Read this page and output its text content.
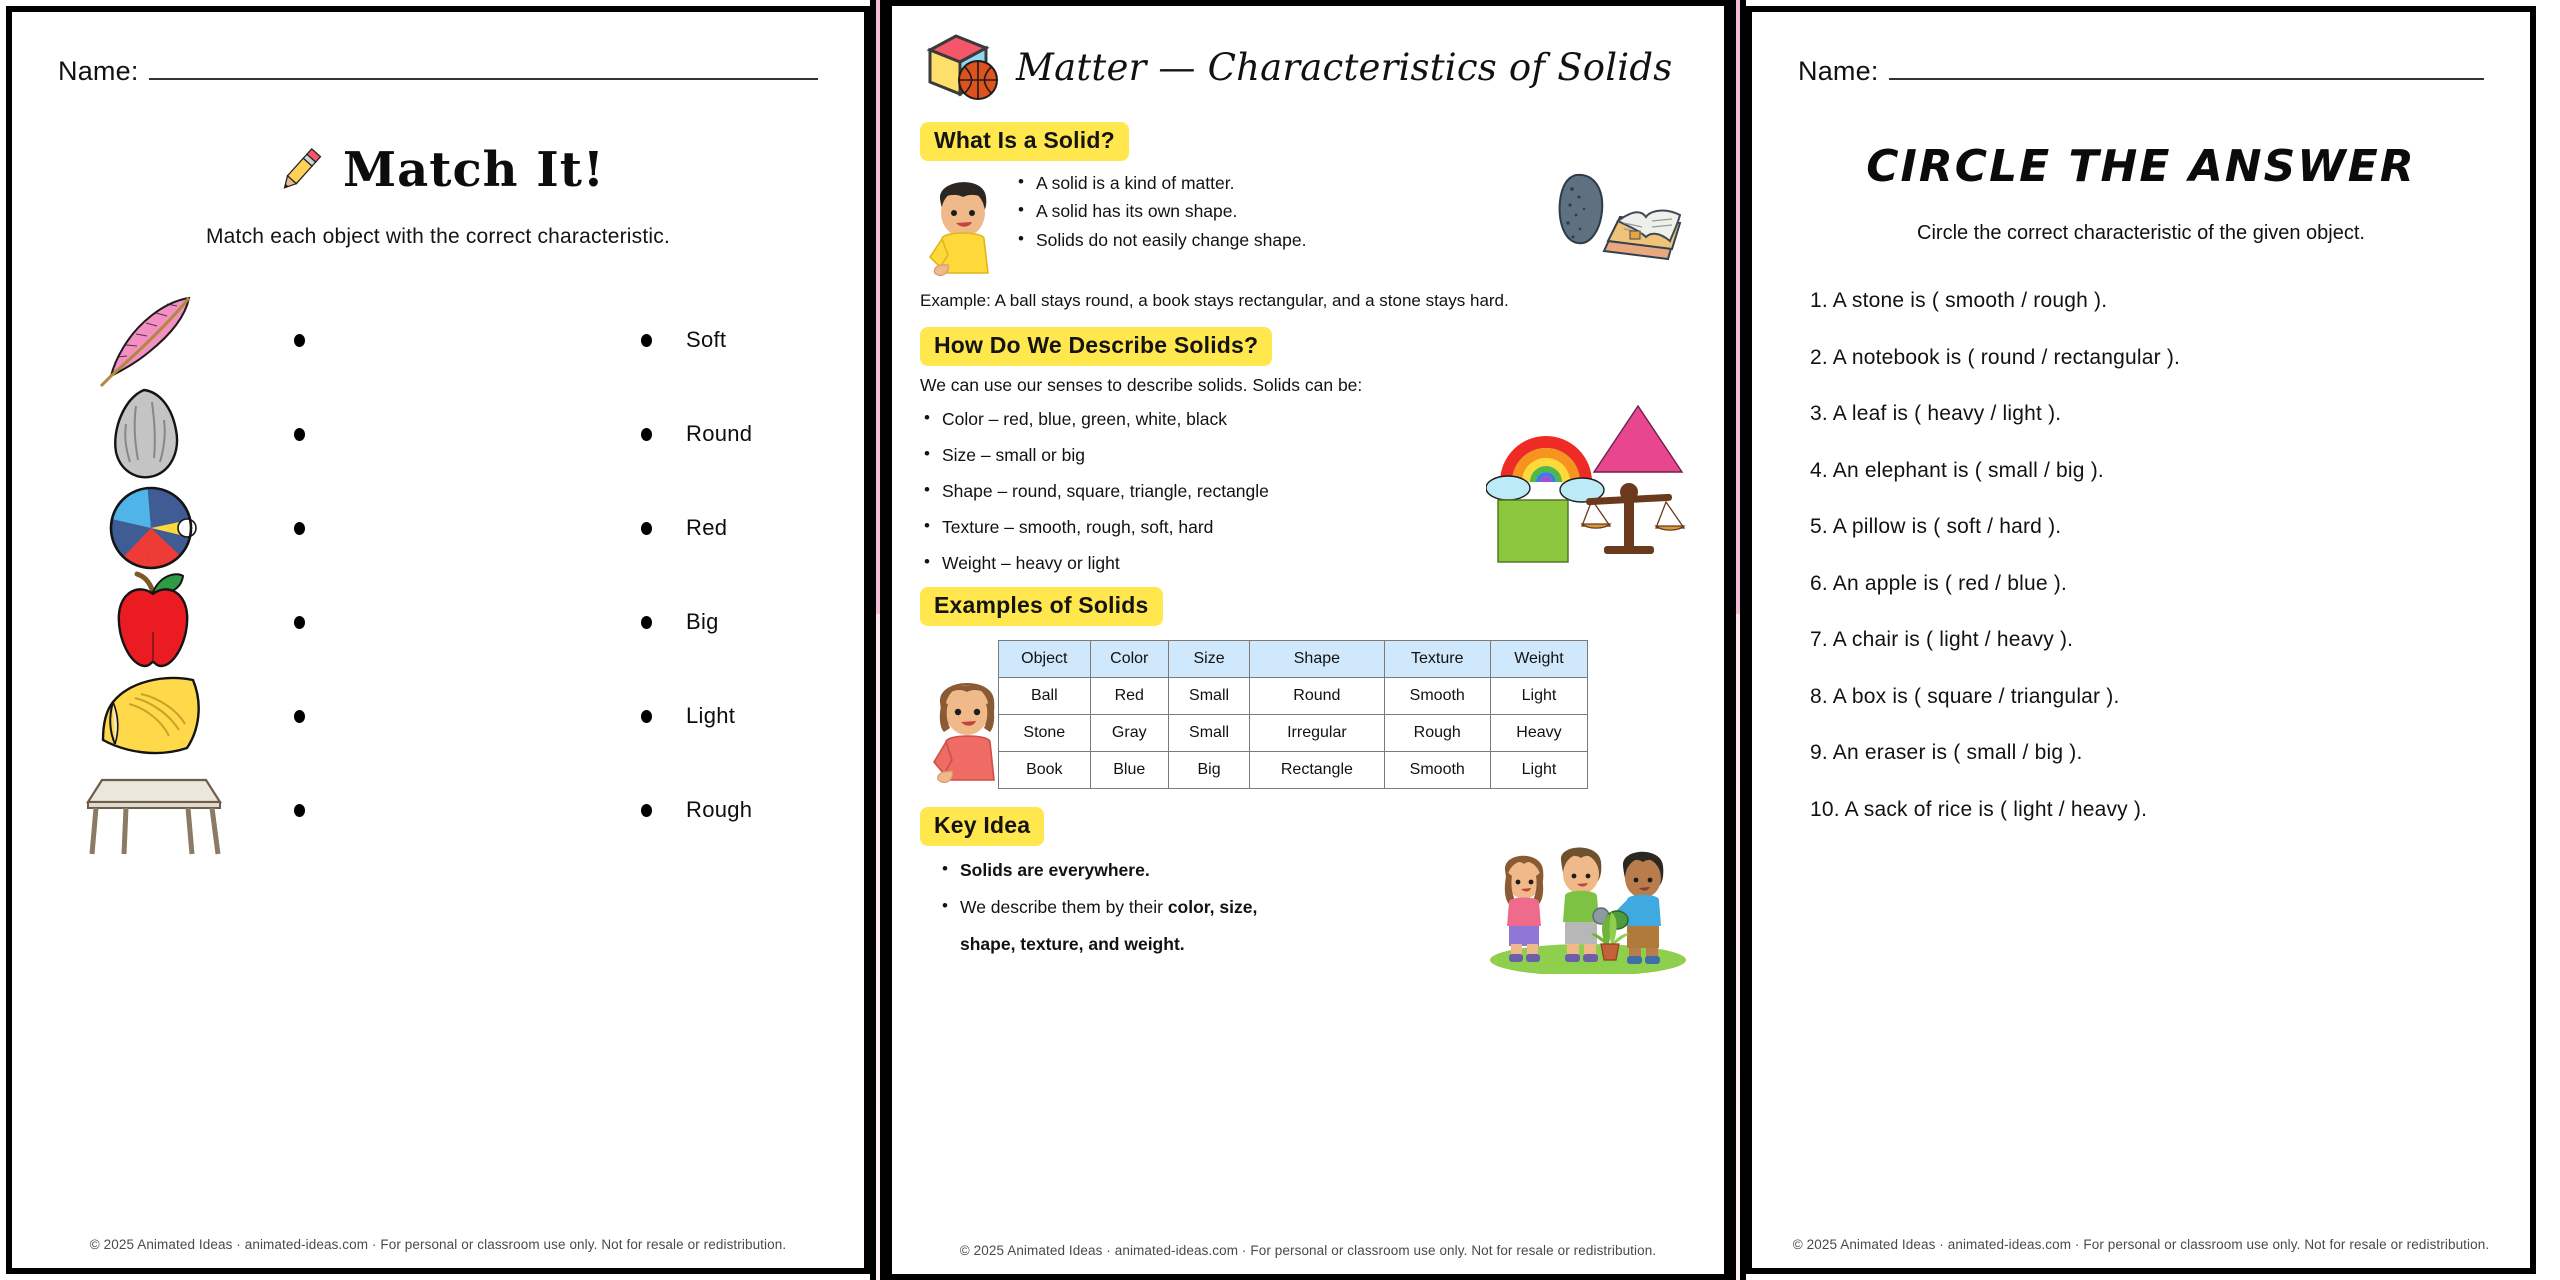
Name:
Match It!
Match each object with the correct characteristic.
Soft
Round
Red
Big
Light
Rough
© 2025 Animated Ideas · animated-ideas.com · For personal or classroom use only. Not for resale or redistribution.
Matter — Characteristics of Solids
What Is a Solid?
• A solid is a kind of matter.
• A solid has its own shape.
• Solids do not easily change shape.
Example: A ball stays round, a book stays rectangular, and a stone stays hard.
How Do We Describe Solids?
We can use our senses to describe solids. Solids can be:
• Color – red, blue, green, white, black
• Size – small or big
• Shape – round, square, triangle, rectangle
• Texture – smooth, rough, soft, hard
• Weight – heavy or light
Examples of Solids
Object	Color	Size	Shape	Texture	Weight
Ball	Red	Small	Round	Smooth	Light
Stone	Gray	Small	Irregular	Rough	Heavy
Book	Blue	Big	Rectangle	Smooth	Light
Key Idea
• Solids are everywhere.
• We describe them by their color, size,
shape, texture, and weight.
© 2025 Animated Ideas · animated-ideas.com · For personal or classroom use only. Not for resale or redistribution.
Name:
CIRCLE THE ANSWER
Circle the correct characteristic of the given object.
1. A stone is ( smooth / rough ).
2. A notebook is ( round / rectangular ).
3. A leaf is ( heavy / light ).
4. An elephant is ( small / big ).
5. A pillow is ( soft / hard ).
6. An apple is ( red / blue ).
7. A chair is ( light / heavy ).
8. A box is ( square / triangular ).
9. An eraser is ( small / big ).
10. A sack of rice is ( light / heavy ).
© 2025 Animated Ideas · animated-ideas.com · For personal or classroom use only. Not for resale or redistribution.
